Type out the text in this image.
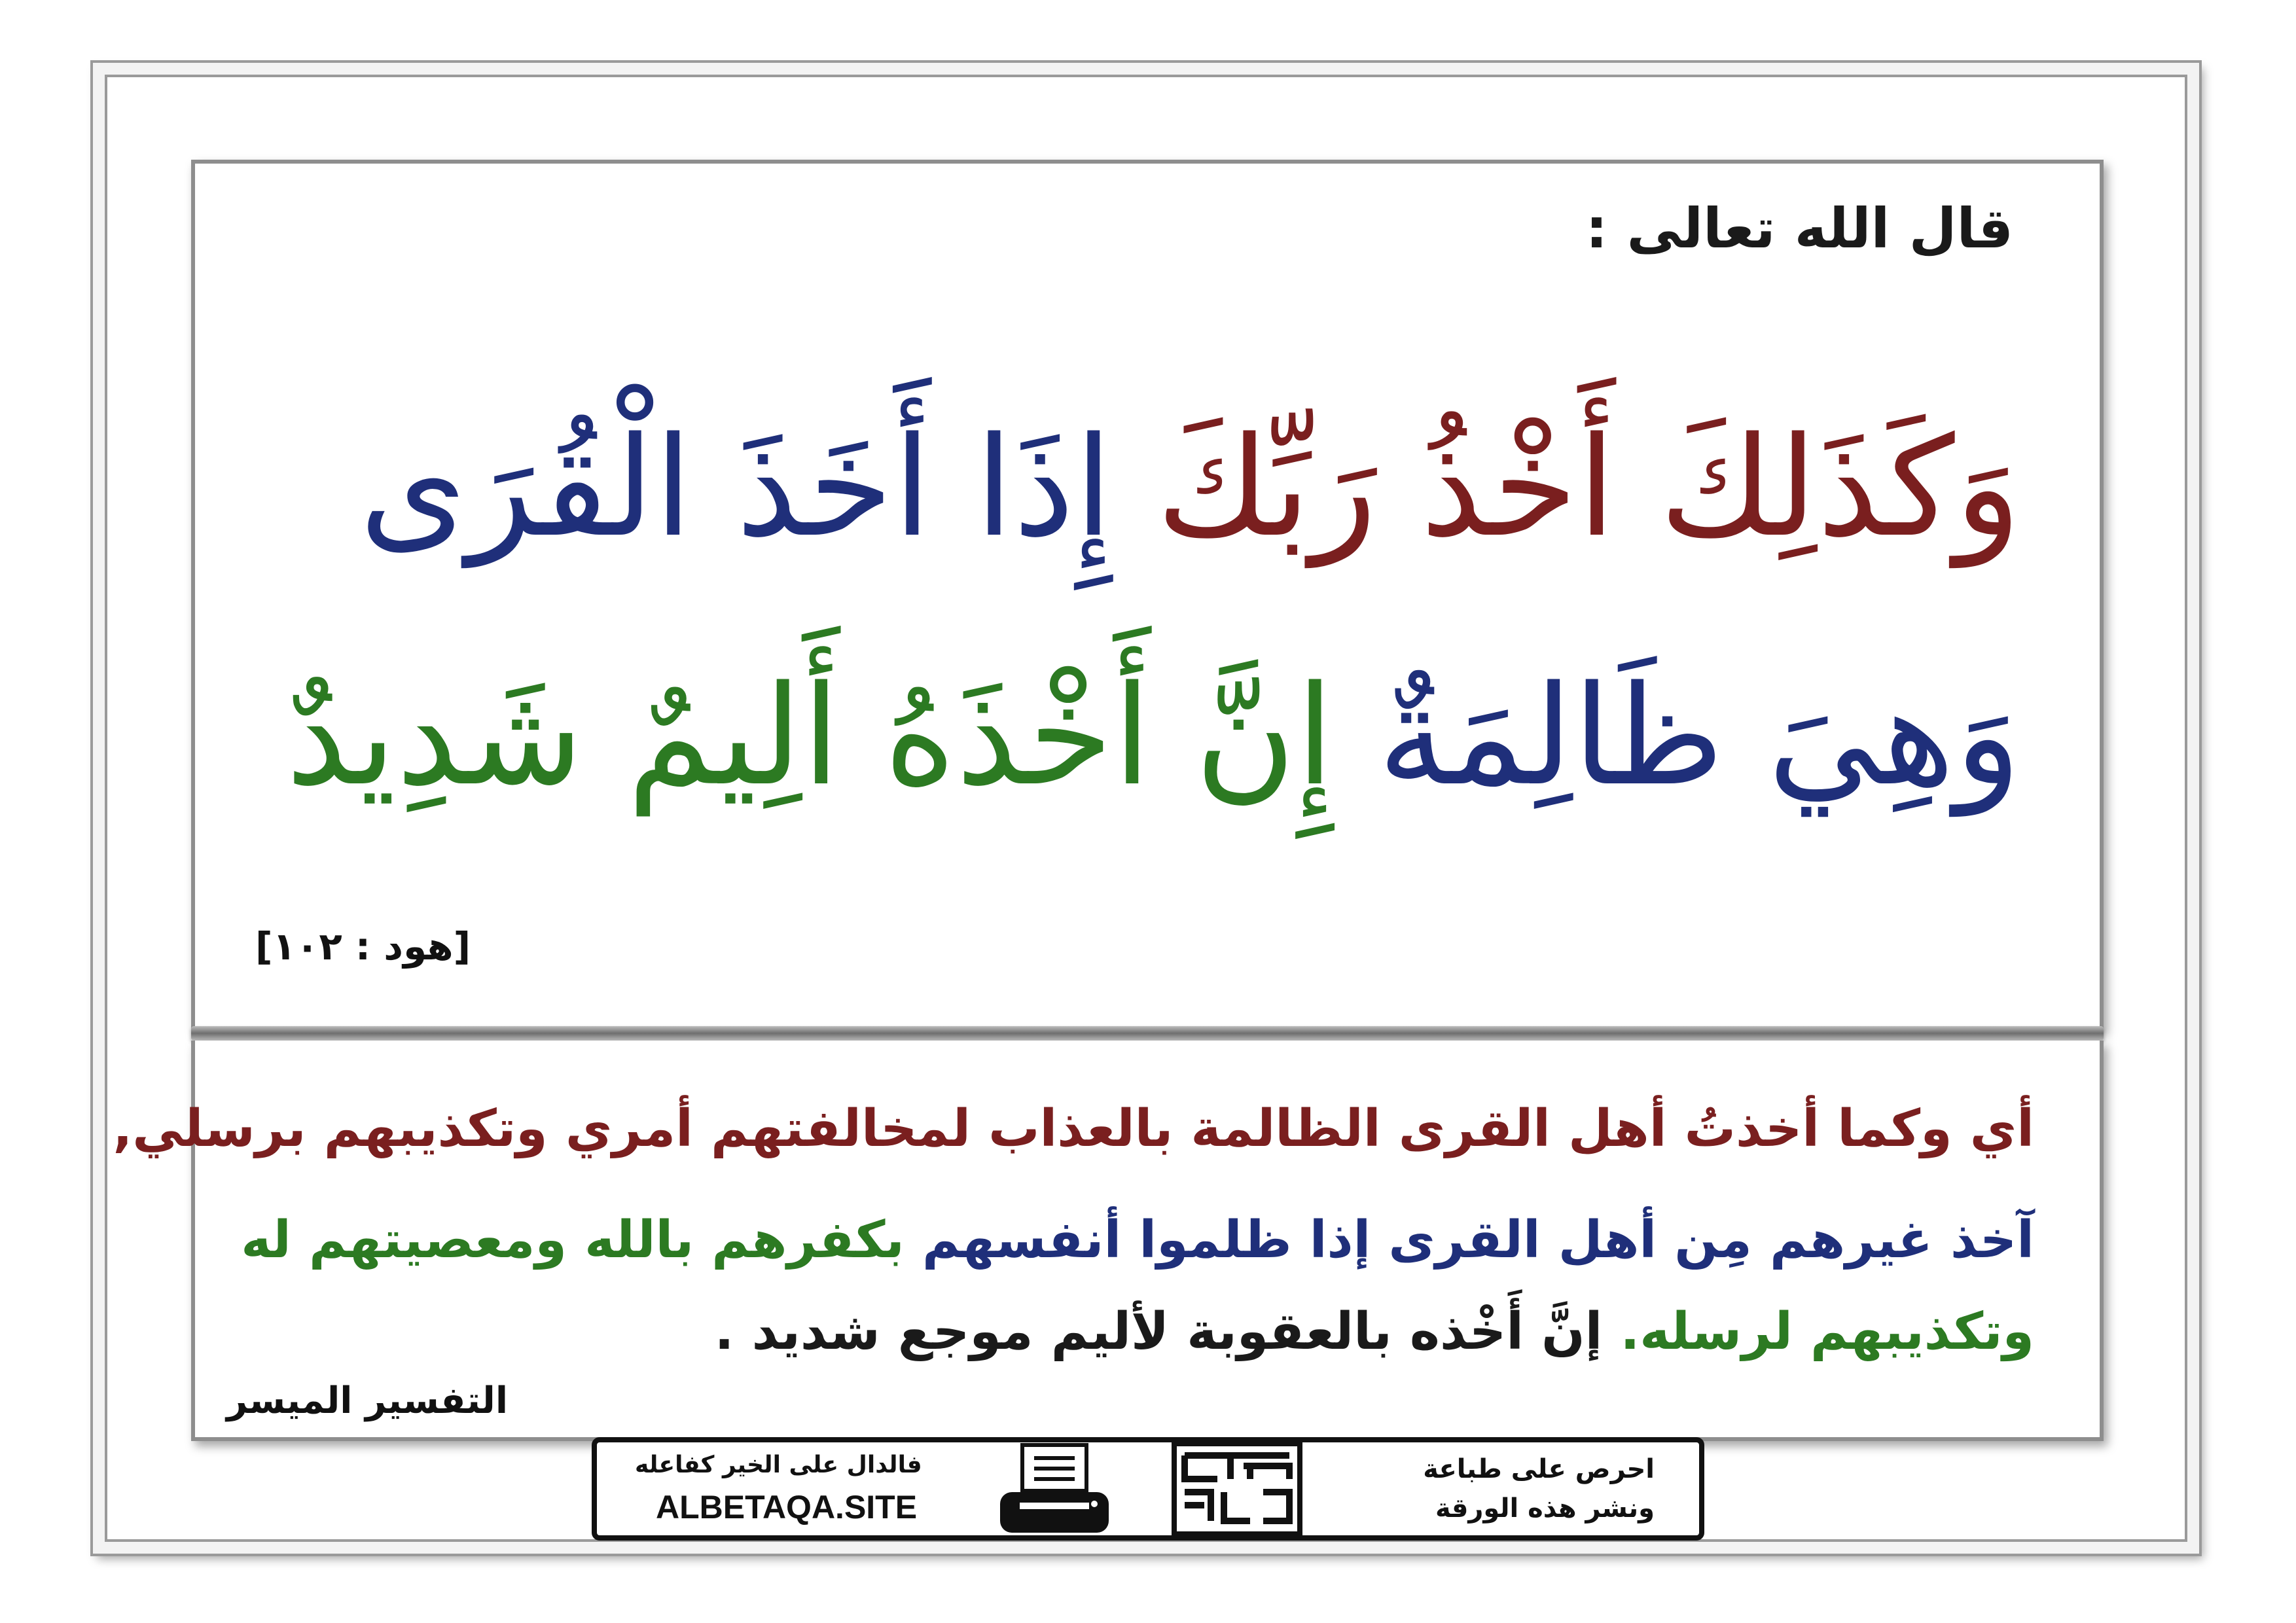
قال الله تعالى :
وَكَذَلِكَ أَخْذُ رَبِّكَ إِذَا أَخَذَ الْقُرَى
وَهِيَ ظَالِمَةٌ إِنَّ أَخْذَهُ أَلِيمٌ شَدِيدٌ
[هود : ١٠٢]
أي وكما أخذتُ أهل القرى الظالمة بالعذاب لمخالفتهم أمري وتكذيبهم برسلي,
آخذ غيرهم مِن أهل القرى إذا ظلموا أنفسهم بكفرهم بالله ومعصيتهم له
وتكذيبهم لرسله. إنَّ أَخْذه بالعقوبة لأليم موجع شديد .
التفسير الميسر
فالدال على الخير كفاعله
ALBETAQA.SITE
احرص على طباعة
ونشر هذه الورقة
